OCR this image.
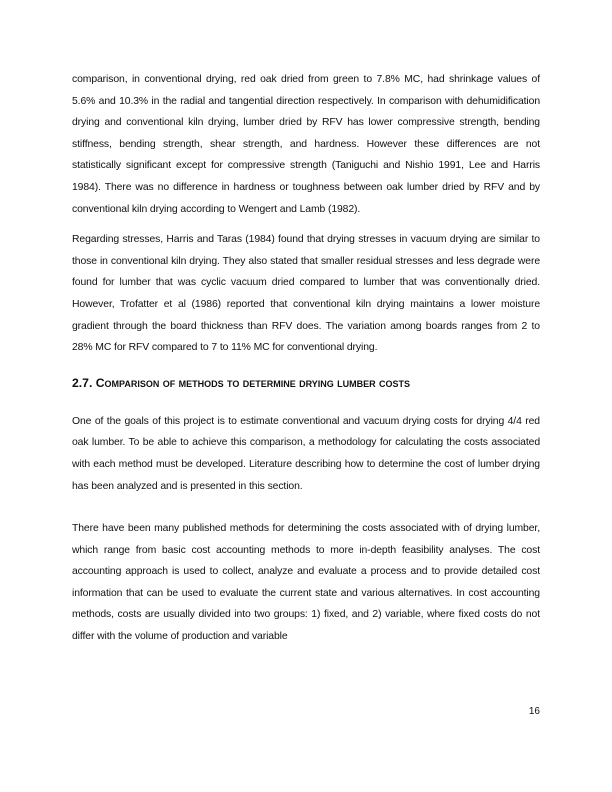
comparison, in conventional drying, red oak dried from green to 7.8% MC, had shrinkage values of 5.6% and 10.3% in the radial and tangential direction respectively. In comparison with dehumidification drying and conventional kiln drying, lumber dried by RFV has lower compressive strength, bending stiffness, bending strength, shear strength, and hardness. However these differences are not statistically significant except for compressive strength (Taniguchi and Nishio 1991, Lee and Harris 1984). There was no difference in hardness or toughness between oak lumber dried by RFV and by conventional kiln drying according to Wengert and Lamb (1982).

Regarding stresses, Harris and Taras (1984) found that drying stresses in vacuum drying are similar to those in conventional kiln drying. They also stated that smaller residual stresses and less degrade were found for lumber that was cyclic vacuum dried compared to lumber that was conventionally dried. However, Trofatter et al (1986) reported that conventional kiln drying maintains a lower moisture gradient through the board thickness than RFV does. The variation among boards ranges from 2 to 28% MC for RFV compared to 7 to 11% MC for conventional drying.

2.7. Comparison of methods to determine drying lumber costs

One of the goals of this project is to estimate conventional and vacuum drying costs for drying 4/4 red oak lumber. To be able to achieve this comparison, a methodology for calculating the costs associated with each method must be developed. Literature describing how to determine the cost of lumber drying has been analyzed and is presented in this section.

There have been many published methods for determining the costs associated with of drying lumber, which range from basic cost accounting methods to more in-depth feasibility analyses. The cost accounting approach is used to collect, analyze and evaluate a process and to provide detailed cost information that can be used to evaluate the current state and various alternatives. In cost accounting methods, costs are usually divided into two groups: 1) fixed, and 2) variable, where fixed costs do not differ with the volume of production and variable

16
